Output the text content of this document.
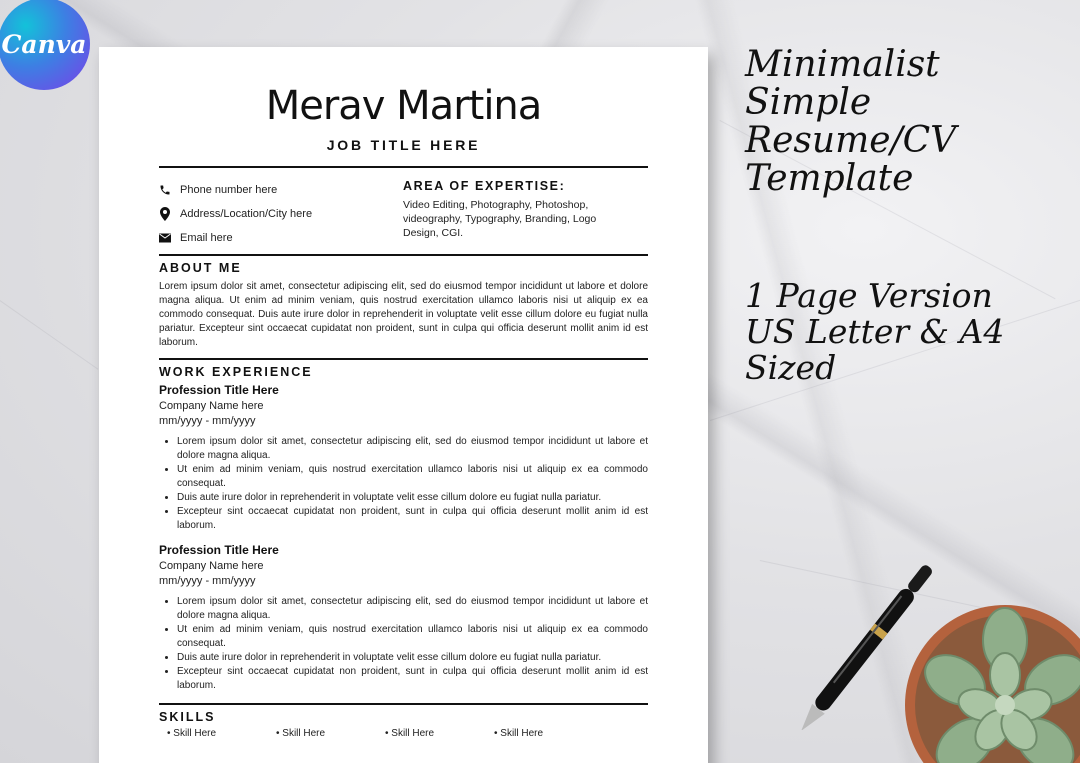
Canva
Merav Martina
JOB TITLE HERE
Phone number here
Address/Location/City here
Email here
AREA OF EXPERTISE:
Video Editing, Photography, Photoshop, videography, Typography, Branding, Logo Design, CGI.
ABOUT ME
Lorem ipsum dolor sit amet, consectetur adipiscing elit, sed do eiusmod tempor incididunt ut labore et dolore magna aliqua. Ut enim ad minim veniam, quis nostrud exercitation ullamco laboris nisi ut aliquip ex ea commodo consequat. Duis aute irure dolor in reprehenderit in voluptate velit esse cillum dolore eu fugiat nulla pariatur. Excepteur sint occaecat cupidatat non proident, sunt in culpa qui officia deserunt mollit anim id est laborum.
WORK EXPERIENCE
Profession Title Here
Company Name here
mm/yyyy - mm/yyyy
• Lorem ipsum dolor sit amet, consectetur adipiscing elit, sed do eiusmod tempor incididunt ut labore et dolore magna aliqua.
• Ut enim ad minim veniam, quis nostrud exercitation ullamco laboris nisi ut aliquip ex ea commodo consequat.
• Duis aute irure dolor in reprehenderit in voluptate velit esse cillum dolore eu fugiat nulla pariatur.
• Excepteur sint occaecat cupidatat non proident, sunt in culpa qui officia deserunt mollit anim id est laborum.
Profession Title Here
Company Name here
mm/yyyy - mm/yyyy
• Lorem ipsum dolor sit amet, consectetur adipiscing elit, sed do eiusmod tempor incididunt ut labore et dolore magna aliqua.
• Ut enim ad minim veniam, quis nostrud exercitation ullamco laboris nisi ut aliquip ex ea commodo consequat.
• Duis aute irure dolor in reprehenderit in voluptate velit esse cillum dolore eu fugiat nulla pariatur.
• Excepteur sint occaecat cupidatat non proident, sunt in culpa qui officia deserunt mollit anim id est laborum.
SKILLS
• Skill Here	• Skill Here	• Skill Here	• Skill Here
Minimalist
Simple
Resume/CV
Template
1 Page Version
US Letter & A4 Sized
